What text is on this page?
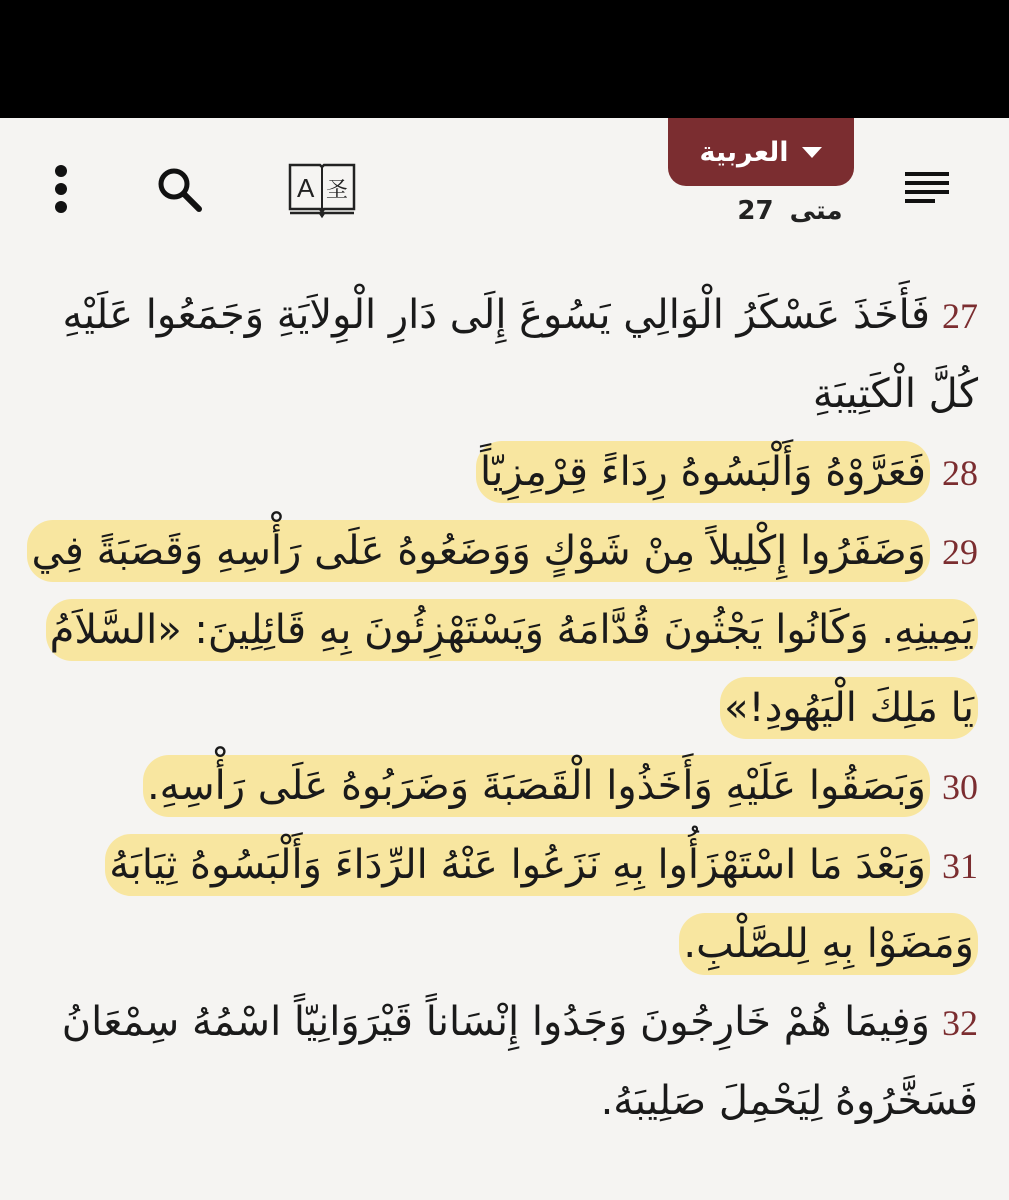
العربية
متى
27
A 圣
27فَأَخَذَ عَسْكَرُ الْوَالِي يَسُوعَ إِلَى دَارِ الْوِلاَيَةِ وَجَمَعُوا عَلَيْهِ كُلَّ الْكَتِيبَةِ
28فَعَرَّوْهُ وَأَلْبَسُوهُ رِدَاءً قِرْمِزِيّاً
29وَضَفَرُوا إِكْلِيلاً مِنْ شَوْكٍ وَوَضَعُوهُ عَلَى رَأْسِهِ وَقَصَبَةً فِي يَمِينِهِ. وَكَانُوا يَجْثُونَ قُدَّامَهُ وَيَسْتَهْزِئُونَ بِهِ قَائِلِينَ: «السَّلاَمُ يَا مَلِكَ الْيَهُودِ!»
30وَبَصَقُوا عَلَيْهِ وَأَخَذُوا الْقَصَبَةَ وَضَرَبُوهُ عَلَى رَأْسِهِ.
31وَبَعْدَ مَا اسْتَهْزَأُوا بِهِ نَزَعُوا عَنْهُ الرِّدَاءَ وَأَلْبَسُوهُ ثِيَابَهُ وَمَضَوْا بِهِ لِلصَّلْبِ.
32وَفِيمَا هُمْ خَارِجُونَ وَجَدُوا إِنْسَاناً قَيْرَوَانِيّاً اسْمُهُ سِمْعَانُ فَسَخَّرُوهُ لِيَحْمِلَ صَلِيبَهُ.
